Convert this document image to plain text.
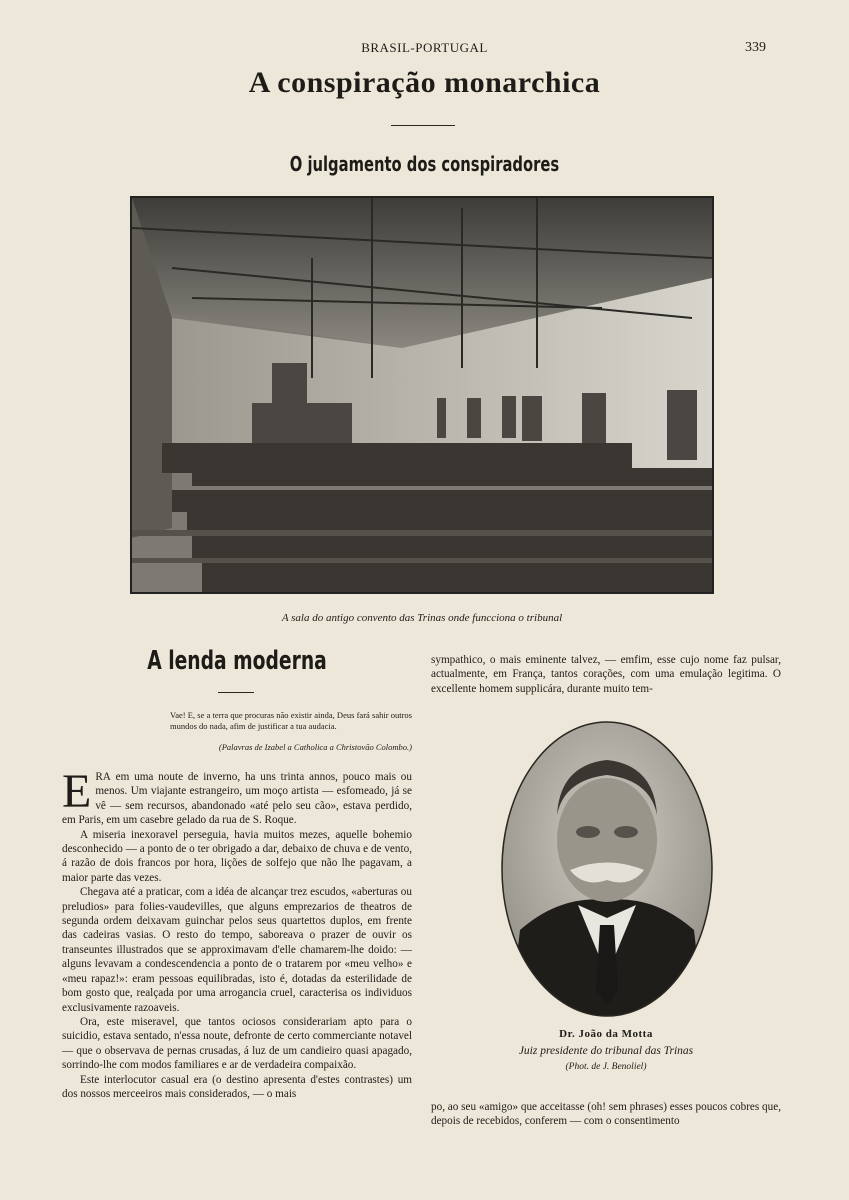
BRASIL-PORTUGAL	339
A conspiração monarchica
O julgamento dos conspiradores
A sala do antigo convento das Trinas onde funcciona o tribunal
A lenda moderna
Vae! E, se a terra que procuras não existir ainda, Deus fará sahir outros mundos do nada, afim de justificar a tua audacia.
(Palavras de Izabel a Catholica a Christovão Colombo.)

ERA em uma noute de inverno, ha uns trinta annos, pouco mais ou menos. Um viajante estrangeiro, um moço artista — esfomeado, já se vê — sem recursos, abandonado «até pelo seu cão», estava perdido, em Paris, em um casebre gelado da rua de S. Roque.

A miseria inexoravel perseguia, havia muitos mezes, aquelle bohemio desconhecido — a ponto de o ter obrigado a dar, debaixo de chuva e de vento, á razão de dois francos por hora, lições de solfejo que não lhe pagavam, a maior parte das vezes.

Chegava até a praticar, com a idéa de alcançar trez escudos, «aberturas ou preludios» para folies-vaudevilles, que alguns emprezarios de theatros de segunda ordem deixavam guinchar pelos seus quartettos duplos, em frente das cadeiras vasias. O resto do tempo, saboreava o prazer de ouvir os transeuntes illustrados que se approximavam d'elle chamarem-lhe doido: — alguns levavam a condescendencia a ponto de o tratarem por «meu velho» e «meu rapaz!»: eram pessoas equilibradas, isto é, dotadas da esterilidade de bom gosto que, realçada por uma arrogancia cruel, caracterisa os individuos exclusivamente razoaveis.

Ora, este miseravel, que tantos ociosos considerariam apto para o suicidio, estava sentado, n'essa noute, defronte de certo commerciante notavel — que o observava de pernas crusadas, á luz de um candieiro quasi apagado, sorrindo-lhe com modos familiares e ar de verdadeira compaixão.

Este interlocutor casual era (o destino apresenta d'estes contrastes) um dos nossos merceeiros mais considerados, — o mais

sympathico, o mais eminente talvez, — emfim, esse cujo nome faz pulsar, actualmente, em França, tantos corações, com uma emulação legitima. O excellente homem supplicára, durante muito tem-
Dr. João da Motta
Juiz presidente do tribunal das Trinas
(Phot. de J. Benoliel)
po, ao seu «amigo» que acceitasse (oh! sem phrases) esses poucos cobres que, depois de recebidos, conferem — com o consentimento
